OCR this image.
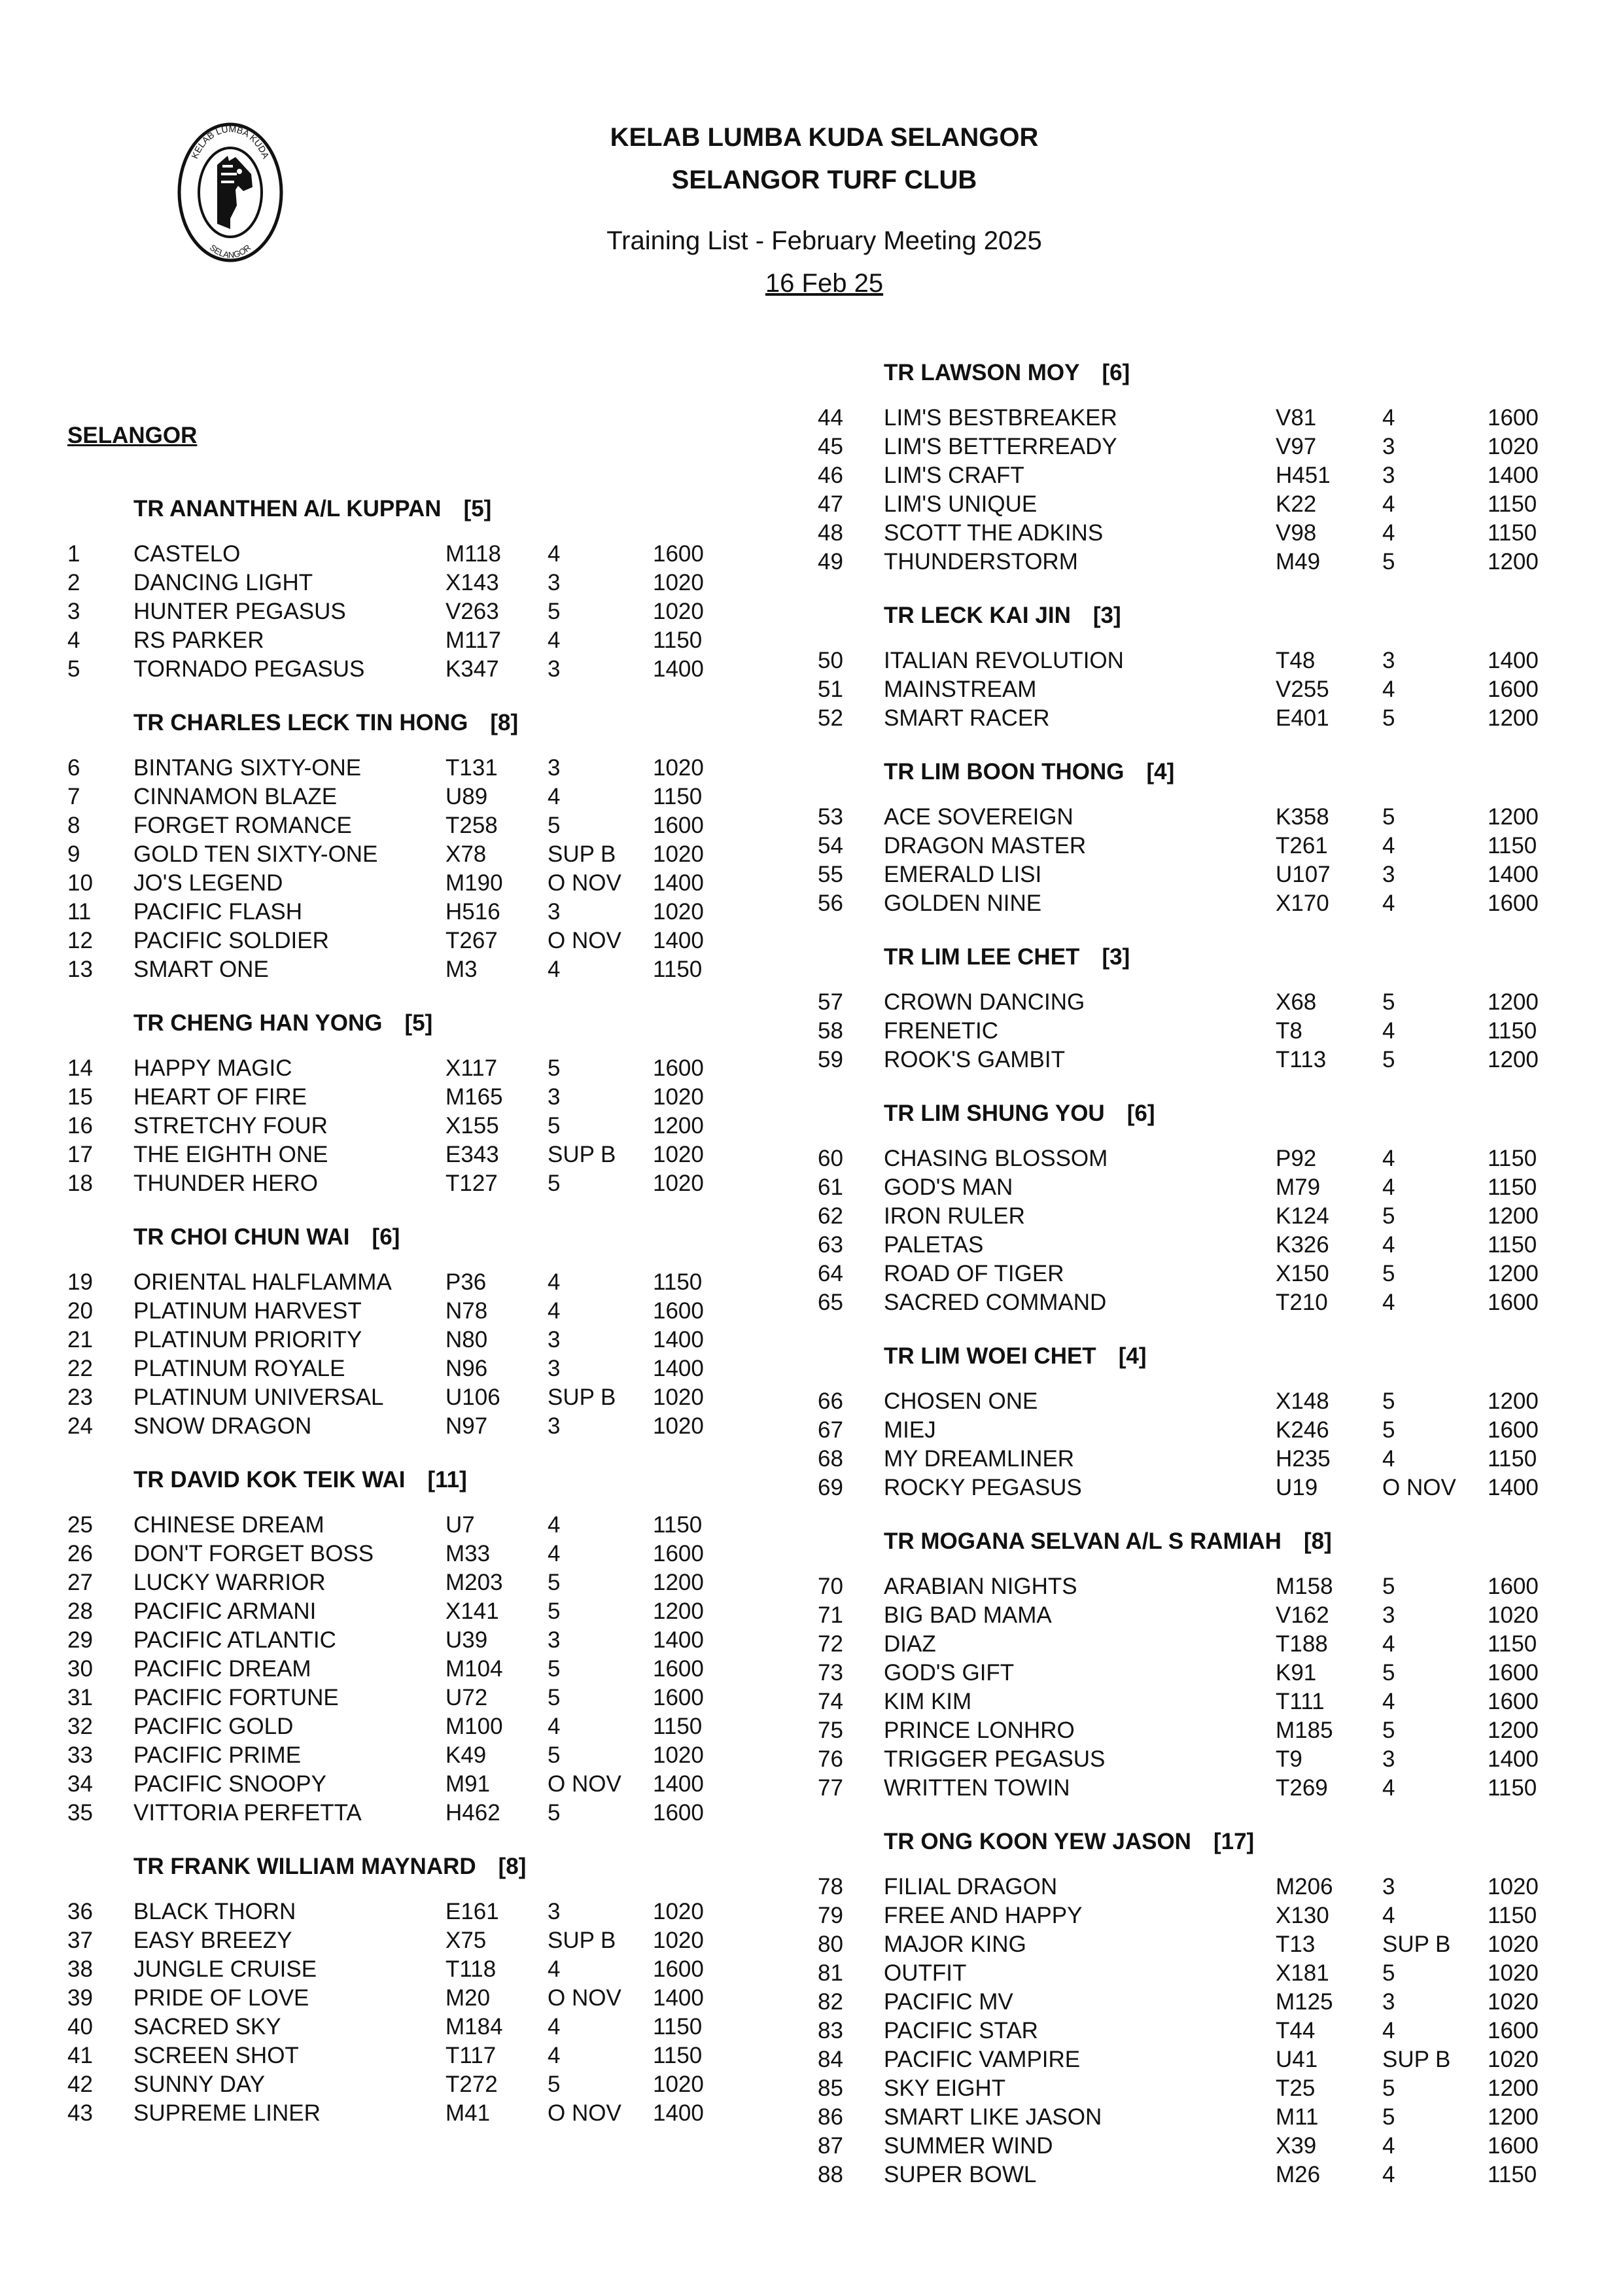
KELAB LUMBA KUDA
SELANGOR
KELAB LUMBA KUDA SELANGOR
SELANGOR TURF CLUB
Training List - February Meeting 2025
16 Feb 25
SELANGOR
TR ANANTHEN A/L KUPPAN [5]
1 CASTELO	M118 4	1600
2 DANCING LIGHT	X143 3	1020
3 HUNTER PEGASUS	V263 5	1020
4 RS PARKER	M117 4	1150
5 TORNADO PEGASUS	K347 3	1400
TR CHARLES LECK TIN HONG [8]
6 BINTANG SIXTY-ONE	T131 3	1020
7 CINNAMON BLAZE	U89	4	1150
8 FORGET ROMANCE	T258 5	1600
9 GOLD TEN SIXTY-ONE	X78	SUP B 1020
10 JO'S LEGEND	M190 O NOV 1400
11 PACIFIC FLASH	H516 3	1020
12 PACIFIC SOLDIER	T267 O NOV 1400
13 SMART ONE	M3	4	1150
TR CHENG HAN YONG [5]
14 HAPPY MAGIC	X117 5	1600
15 HEART OF FIRE	M165 3	1020
16 STRETCHY FOUR	X155 5	1200
17 THE EIGHTH ONE	E343 SUP B 1020
18 THUNDER HERO	T127 5	1020
TR CHOI CHUN WAI [6]
19 ORIENTAL HALFLAMMA P36	4	1150
20 PLATINUM HARVEST	N78	4	1600
21 PLATINUM PRIORITY	N80	3	1400
22 PLATINUM ROYALE	N96	3	1400
23 PLATINUM UNIVERSAL	U106 SUP B 1020
24 SNOW DRAGON	N97	3	1020
TR DAVID KOK TEIK WAI [11]
25 CHINESE DREAM	U7	4	1150
26 DON'T FORGET BOSS	M33	4	1600
27 LUCKY WARRIOR	M203 5	1200
28 PACIFIC ARMANI	X141 5	1200
29 PACIFIC ATLANTIC	U39	3	1400
30 PACIFIC DREAM	M104 5	1600
31 PACIFIC FORTUNE	U72	5	1600
32 PACIFIC GOLD	M100 4	1150
33 PACIFIC PRIME	K49	5	1020
34 PACIFIC SNOOPY	M91	O NOV 1400
35 VITTORIA PERFETTA	H462 5	1600
TR FRANK WILLIAM MAYNARD [8]
36 BLACK THORN	E161 3	1020
37 EASY BREEZY	X75	SUP B 1020
38 JUNGLE CRUISE	T118 4	1600
39 PRIDE OF LOVE	M20	O NOV 1400
40 SACRED SKY	M184 4	1150
41 SCREEN SHOT	T117 4	1150
42 SUNNY DAY	T272 5	1020
43 SUPREME LINER	M41	O NOV 1400
TR LAWSON MOY [6]
44 LIM'S BESTBREAKER	V81	4	1600
45 LIM'S BETTERREADY	V97	3	1020
46 LIM'S CRAFT	H451 3	1400
47 LIM'S UNIQUE	K22	4	1150
48 SCOTT THE ADKINS	V98	4	1150
49 THUNDERSTORM	M49	5	1200
TR LECK KAI JIN [3]
50 ITALIAN REVOLUTION	T48	3	1400
51 MAINSTREAM	V255 4	1600
52 SMART RACER	E401 5	1200
TR LIM BOON THONG [4]
53 ACE SOVEREIGN	K358 5	1200
54 DRAGON MASTER	T261 4	1150
55 EMERALD LISI	U107 3	1400
56 GOLDEN NINE	X170 4	1600
TR LIM LEE CHET [3]
57 CROWN DANCING	X68	5	1200
58 FRENETIC	T8	4	1150
59 ROOK'S GAMBIT	T113 5	1200
TR LIM SHUNG YOU [6]
60 CHASING BLOSSOM	P92	4	1150
61 GOD'S MAN	M79	4	1150
62 IRON RULER	K124 5	1200
63 PALETAS	K326 4	1150
64 ROAD OF TIGER	X150 5	1200
65 SACRED COMMAND	T210 4	1600
TR LIM WOEI CHET [4]
66 CHOSEN ONE	X148 5	1200
67 MIEJ	K246 5	1600
68 MY DREAMLINER	H235 4	1150
69 ROCKY PEGASUS	U19	O NOV 1400
TR MOGANA SELVAN A/L S RAMIAH [8]
70 ARABIAN NIGHTS	M158 5	1600
71 BIG BAD MAMA	V162 3	1020
72 DIAZ	T188 4	1150
73 GOD'S GIFT	K91	5	1600
74 KIM KIM	T111	4	1600
75 PRINCE LONHRO	M185 5	1200
76 TRIGGER PEGASUS	T9	3	1400
77 WRITTEN TOWIN	T269 4	1150
TR ONG KOON YEW JASON [17]
78 FILIAL DRAGON	M206 3	1020
79 FREE AND HAPPY	X130 4	1150
80 MAJOR KING	T13	SUP B 1020
81 OUTFIT	X181 5	1020
82 PACIFIC MV	M125 3	1020
83 PACIFIC STAR	T44	4	1600
84 PACIFIC VAMPIRE	U41	SUP B 1020
85 SKY EIGHT	T25	5	1200
86 SMART LIKE JASON	M11	5	1200
87 SUMMER WIND	X39	4	1600
88 SUPER BOWL	M26	4	1150
